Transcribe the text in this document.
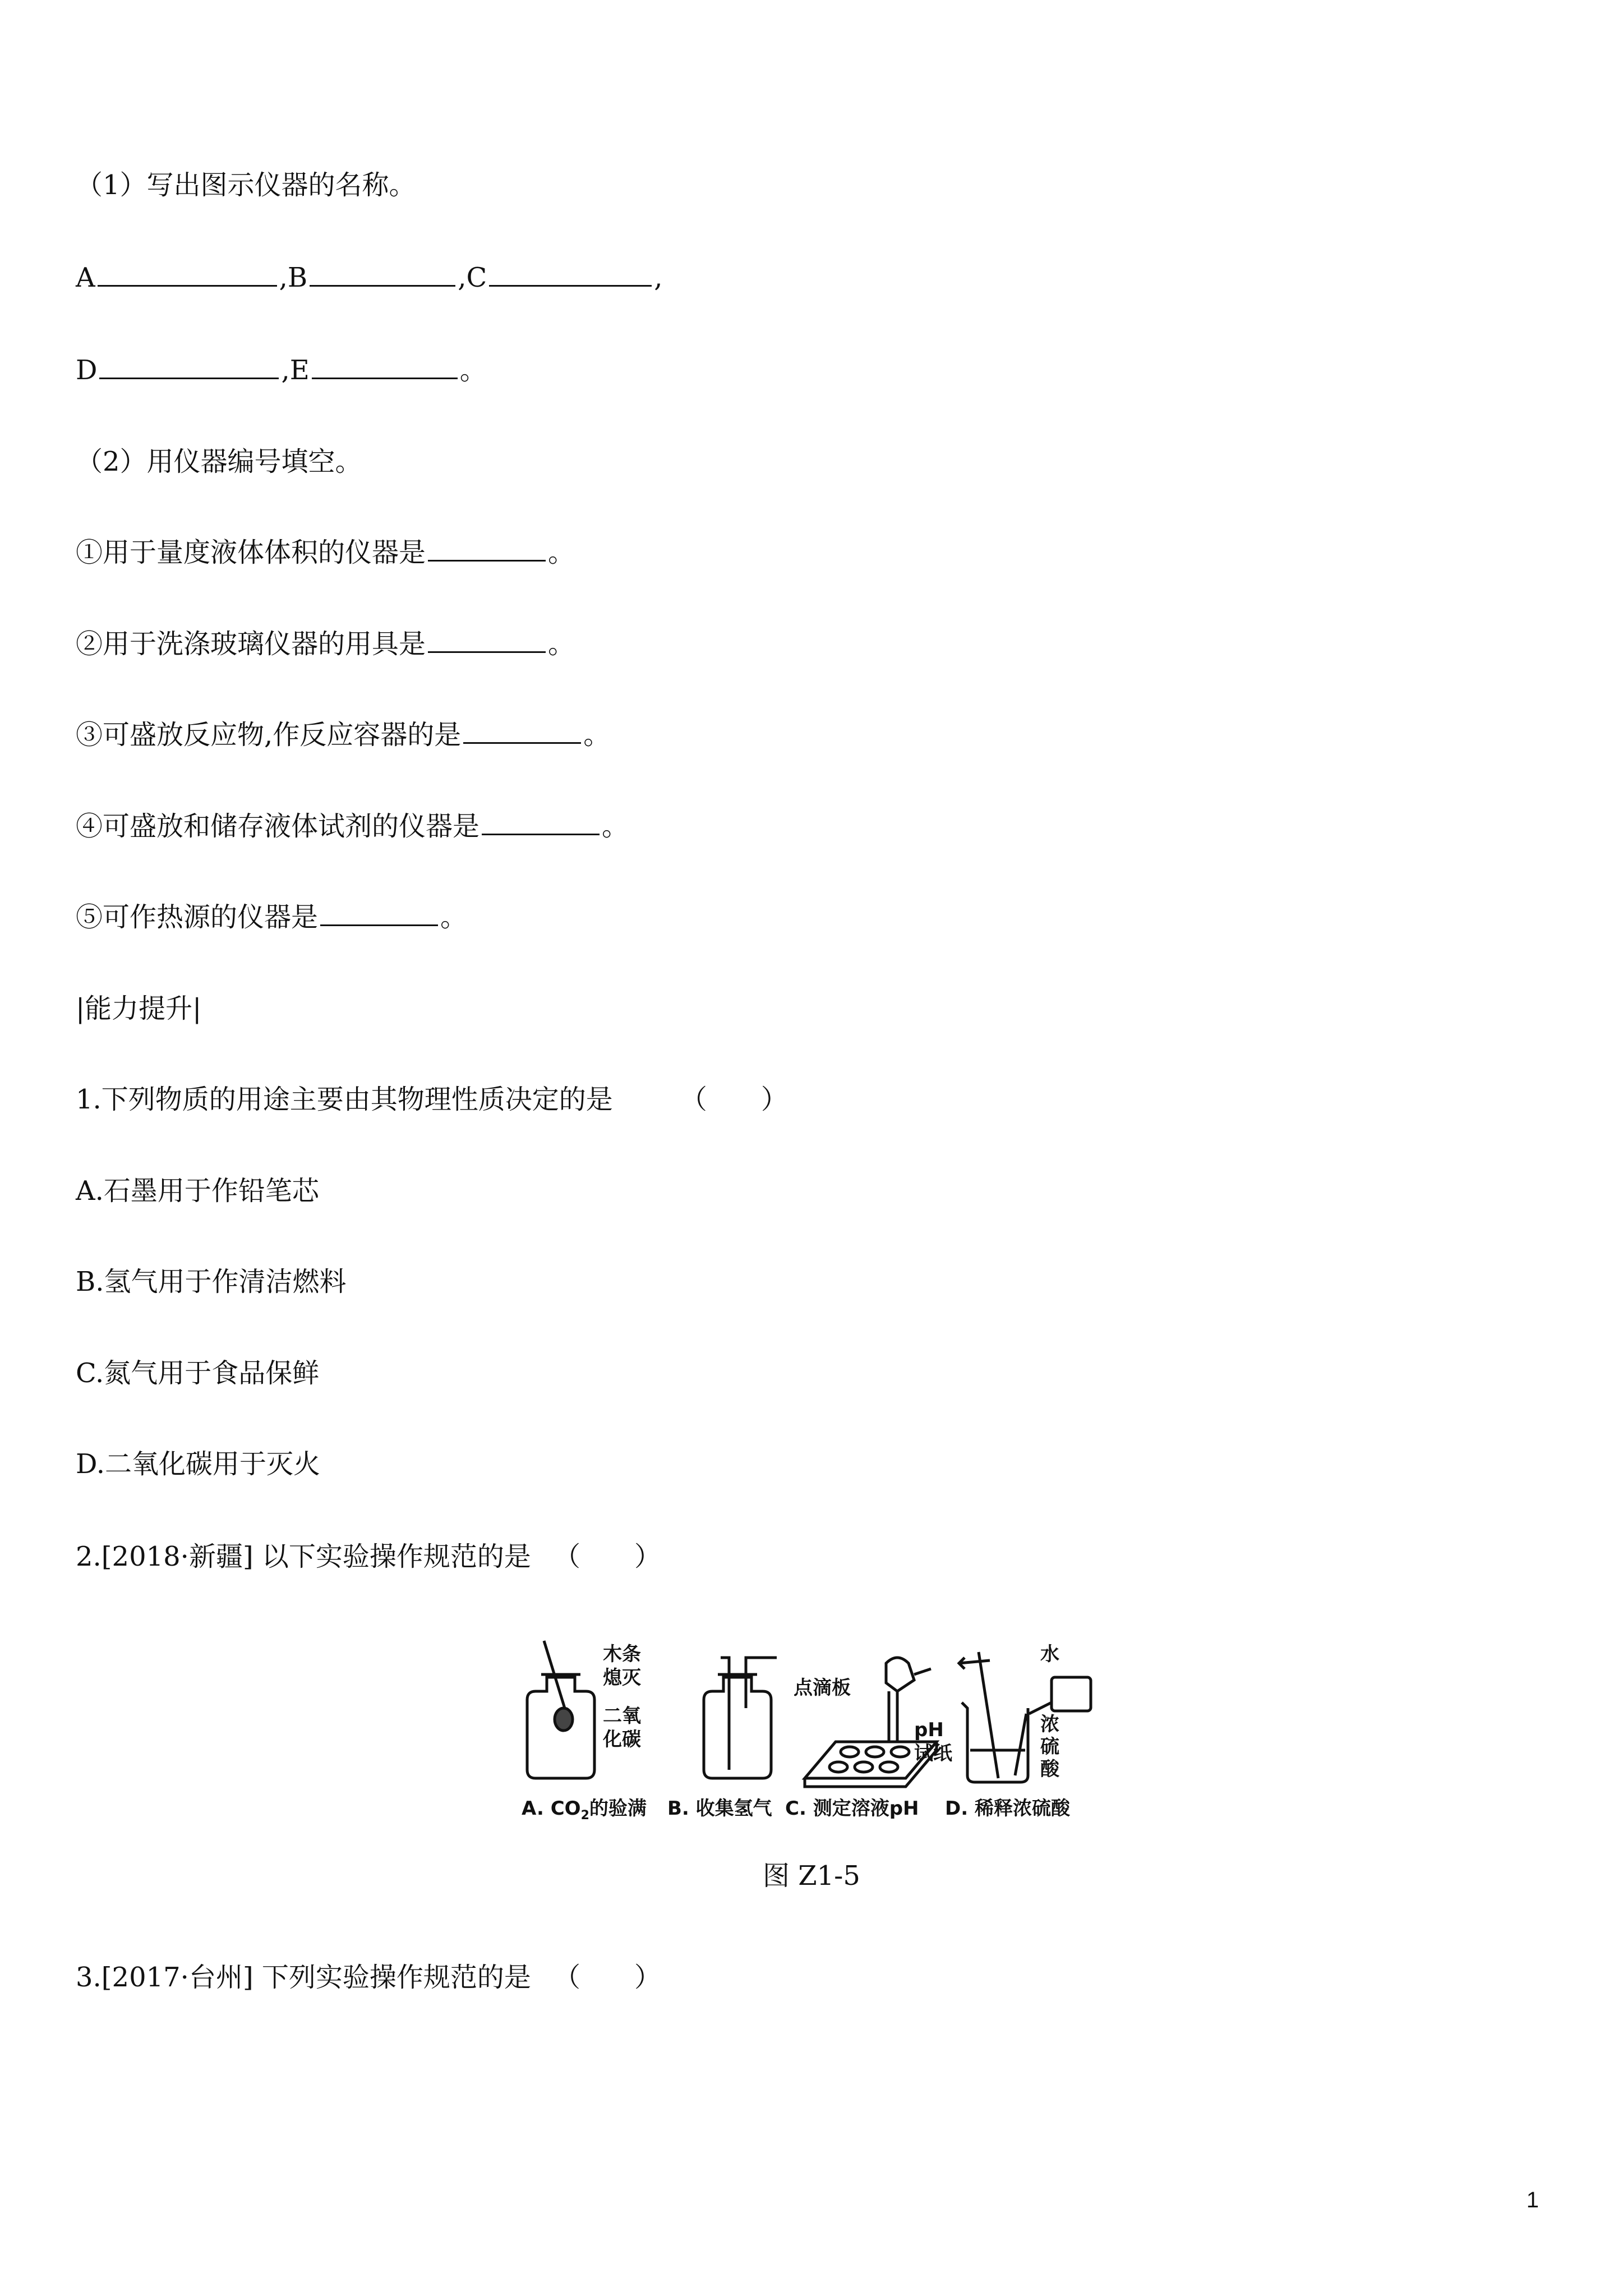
（1）写出图示仪器的名称。
A	,B	,C	,
D	,E	。
（2）用仪器编号填空。
①用于量度液体体积的仪器是	。
②用于洗涤玻璃仪器的用具是	。
③可盛放反应物,作反应容器的是	。
④可盛放和储存液体试剂的仪器是	。
⑤可作热源的仪器是	。
|能力提升|
1.下列物质的用途主要由其物理性质决定的是	（　　）
A.石墨用于作铅笔芯
B.氢气用于作清洁燃料
C.氮气用于食品保鲜
D.二氧化碳用于灭火
2.[2018·新疆] 以下实验操作规范的是 （　　）
木条
熄灭
二氧
化碳
点滴板
pH
试纸
水
浓
硫
酸
A. $CO_2$的验满 B. 收集氢气 C. 测定溶液pH D. 稀释浓硫酸
图 Z1-5
3.[2017·台州] 下列实验操作规范的是 （　　）
1
